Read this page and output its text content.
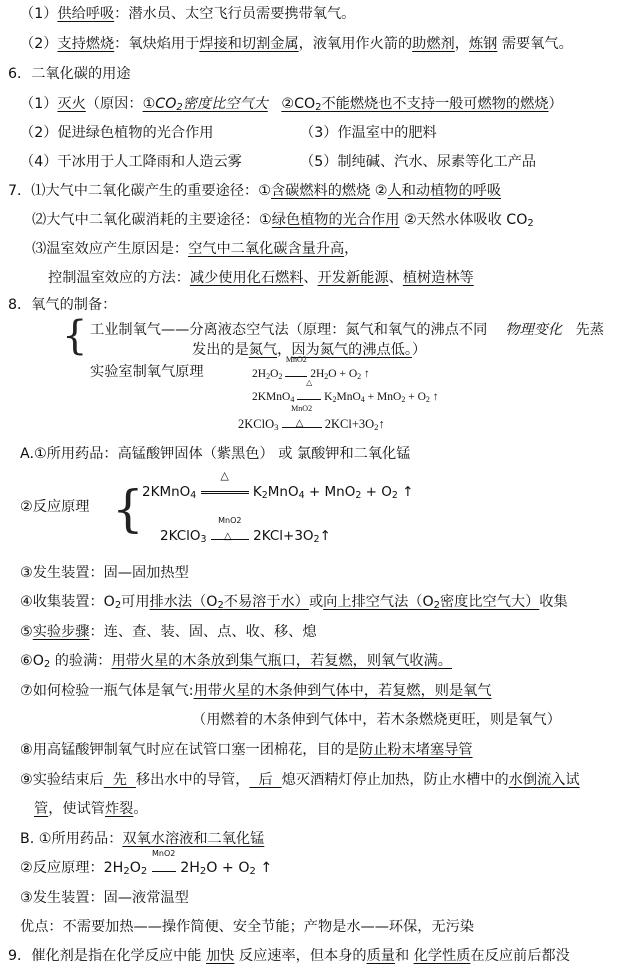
（1）供给呼吸：潜水员、太空飞行员需要携带氧气。
（2）支持燃烧：氧炔焰用于焊接和切割金属，液氧用作火箭的助燃剂，炼钢 需要氧气。
6．二氧化碳的用途
（1）灭火（原因：$①CO_2$密度比空气大 $②CO_2$不能燃烧也不支持一般可燃物的燃烧）
（2）促进绿色植物的光合作用	（3）作温室中的肥料
（4）干冰用于人工降雨和人造云雾	（5）制纯碱、汽水、尿素等化工产品
7．⑴大气中二氧化碳产生的重要途径：①含碳燃料的燃烧 ②人和动植物的呼吸
⑵大气中二氧化碳消耗的主要途径：①绿色植物的光合作用 ②天然水体吸收 $CO_2$
⑶温室效应产生原因是：空气中二氧化碳含量升高，
控制温室效应的方法：减少使用化石燃料、开发新能源、植树造林等
8．氧气的制备：
{ 工业制氧气——分离液态空气法（原理：氮气和氧气的沸点不同 物理变化 先蒸
发出的是氮气，因为氮气的沸点低。）
实验室制氧气原理	$2H_2O_2$
MnO2
$2H_2O + O_2$ ↑
2KMnO$_4$
△
$K_2MnO_4 + MnO_2 + O_2$ ↑
2KClO$_3$
MnO2
△ $2KCl+3O_2↑$
A.①所用药品：高锰酸钾固体（紫黑色） 或 氯酸钾和二氧化锰
②反应原理 {
2KMnO$_4$
△
$K_2MnO_4 + MnO_2 + O_2$ ↑
2KClO$_3$
MnO2
△ $2KCl+3O_2↑$
③发生装置：固—固加热型
④收集装置：$O_2$可用排水法（$O_2$不易溶于水）或向上排空气法（$O_2$密度比空气大）收集
⑤实验步骤：连、查、装、固、点、收、移、熄
$⑥O_2$ 的验满：用带火星的木条放到集气瓶口，若复燃，则氧气收满。
⑦如何检验一瓶气体是氧气:用带火星的木条伸到气体中，若复燃，则是氧气
（用燃着的木条伸到气体中，若木条燃烧更旺，则是氧气）
⑧用高锰酸钾制氧气时应在试管口塞一团棉花，目的是防止粉末堵塞导管
⑨实验结束后  先  移出水中的导管，  后  熄灭酒精灯停止加热，防止水槽中的水倒流入试
管，使试管炸裂。
B. ①所用药品：双氧水溶液和二氧化锰
②反应原理：$2H_2O_2$
MnO2
$2H_2O + O_2$ ↑
③发生装置：固—液常温型
优点：不需要加热——操作简便、安全节能；产物是水——环保，无污染
9．催化剂是指在化学反应中能 加快 反应速率，但本身的质量和 化学性质在反应前后都没
